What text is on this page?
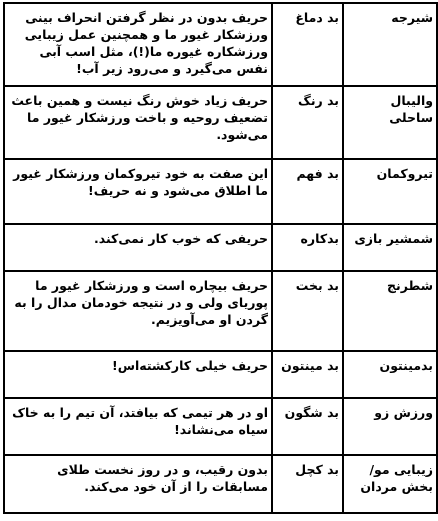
شیرجه	بد دماغ	حریف بدون در نظر گرفتن انحراف بینی ورزشکار غیور ما و همچنین عمل زیبایی ورزشکاره غیوره ما(!)، مثل اسب آبی نفس می‌گیرد و می‌رود زیر آب!
والیبال ساحلی	بد رنگ	حریف زیاد خوش رنگ نیست و همین باعث تضعیف روحیه و باخت ورزشکار غیور ما می‌شود.
تیروکمان	بد فهم	این صفت به خود تیروکمان ورزشکار غیور ما اطلاق می‌شود و نه حریف!
شمشیر بازی	بدکاره	حریفی که خوب کار نمی‌کند.
شطرنج	بد بخت	حریف بیچاره است و ورزشکار غیور ما پوریای ولی و در نتیجه خودمان مدال را به گردن او می‌آویزیم.
بدمینتون	بد مینتون	حریف خیلی کارکشته‌اس!
ورزش زو	بد شگون	او در هر تیمی که بیافتد، آن تیم را به خاک سیاه می‌نشاند!
زیبایی مو/ بخش مردان	بد کچل	بدون رقیب، و در روز نخست طلای مسابقات را از آن خود می‌کند.
